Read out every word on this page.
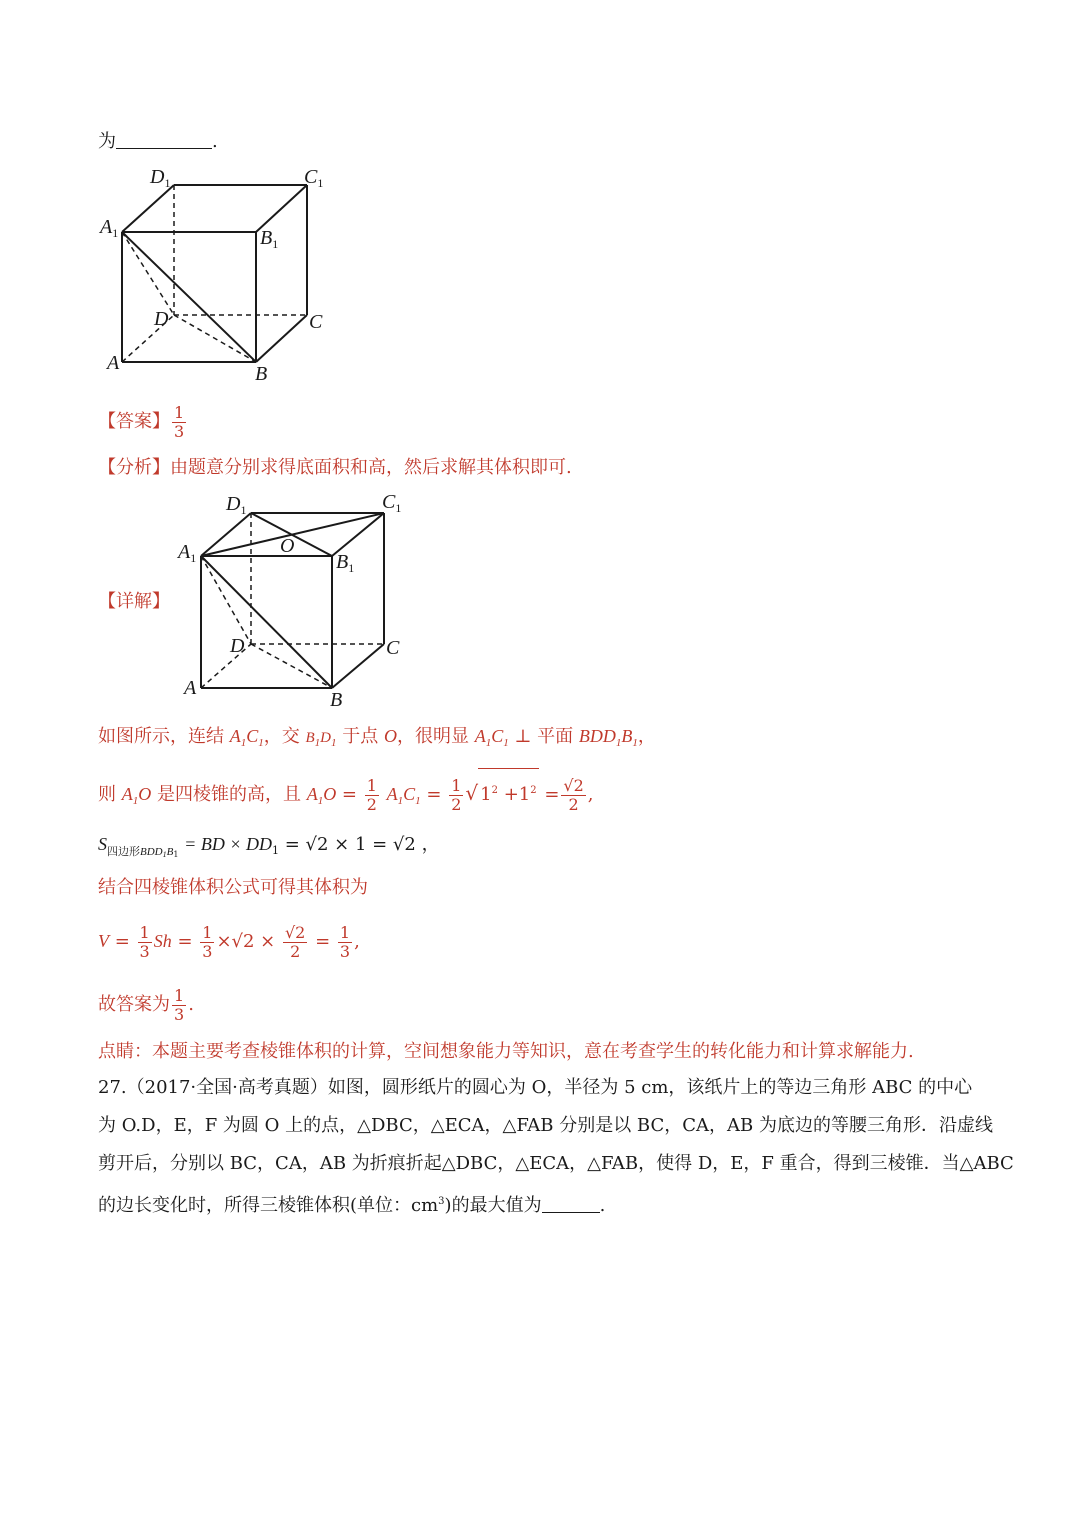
为	.
$D_1$	$C_1$
$A_1$	$B_1$
D	C
A	B
【答案】 $\frac{1}{3}$
【分析】由题意分别求得底面积和高，然后求解其体积即可.
【详解】
$D_1$	$C_1$
$A_1$	$B_1$
O
D	C
A
B
如图所示，连结 $A_1C_1$，交 $B_1D_1$ 于点 O，很明显 $A_1C_1$ ⊥ 平面 $BDD_1B_1$，
则 $A_1O$ 是四棱锥的高，且 $A_1O = \frac{1}{2} A_1C_1 = \frac{1}{2}$ √ $1^2 +1^2 = \frac{√2}{2}$ ,
$S_{四边形BDD1B1}$ = BD × $DD_1 = √2 \times 1 = √2$ ，
结合四棱锥体积公式可得其体积为
$V = \frac{1}{3}$ $Sh = \frac{1}{3} \times√2 \times \frac{√2}{2} = \frac{1}{3}$ ,
故答案为 $\frac{1}{3}$ .
点睛：本题主要考查棱锥体积的计算，空间想象能力等知识，意在考查学生的转化能力和计算求解能力.
27.（2017·全国·高考真题）如图，圆形纸片的圆心为 O，半径为 5 cm，该纸片上的等边三角形 ABC 的中心
为 O.D，E，F 为圆 O 上的点，△DBC，△ECA，△FAB 分别是以 BC，CA，AB 为底边的等腰三角形．沿虚线
剪开后，分别以 BC，CA，AB 为折痕折起△DBC，△ECA，△FAB，使得 D，E，F 重合，得到三棱锥．当△ABC
的边长变化时，所得三棱锥体积(单位：$cm^3$)的最大值为	.
